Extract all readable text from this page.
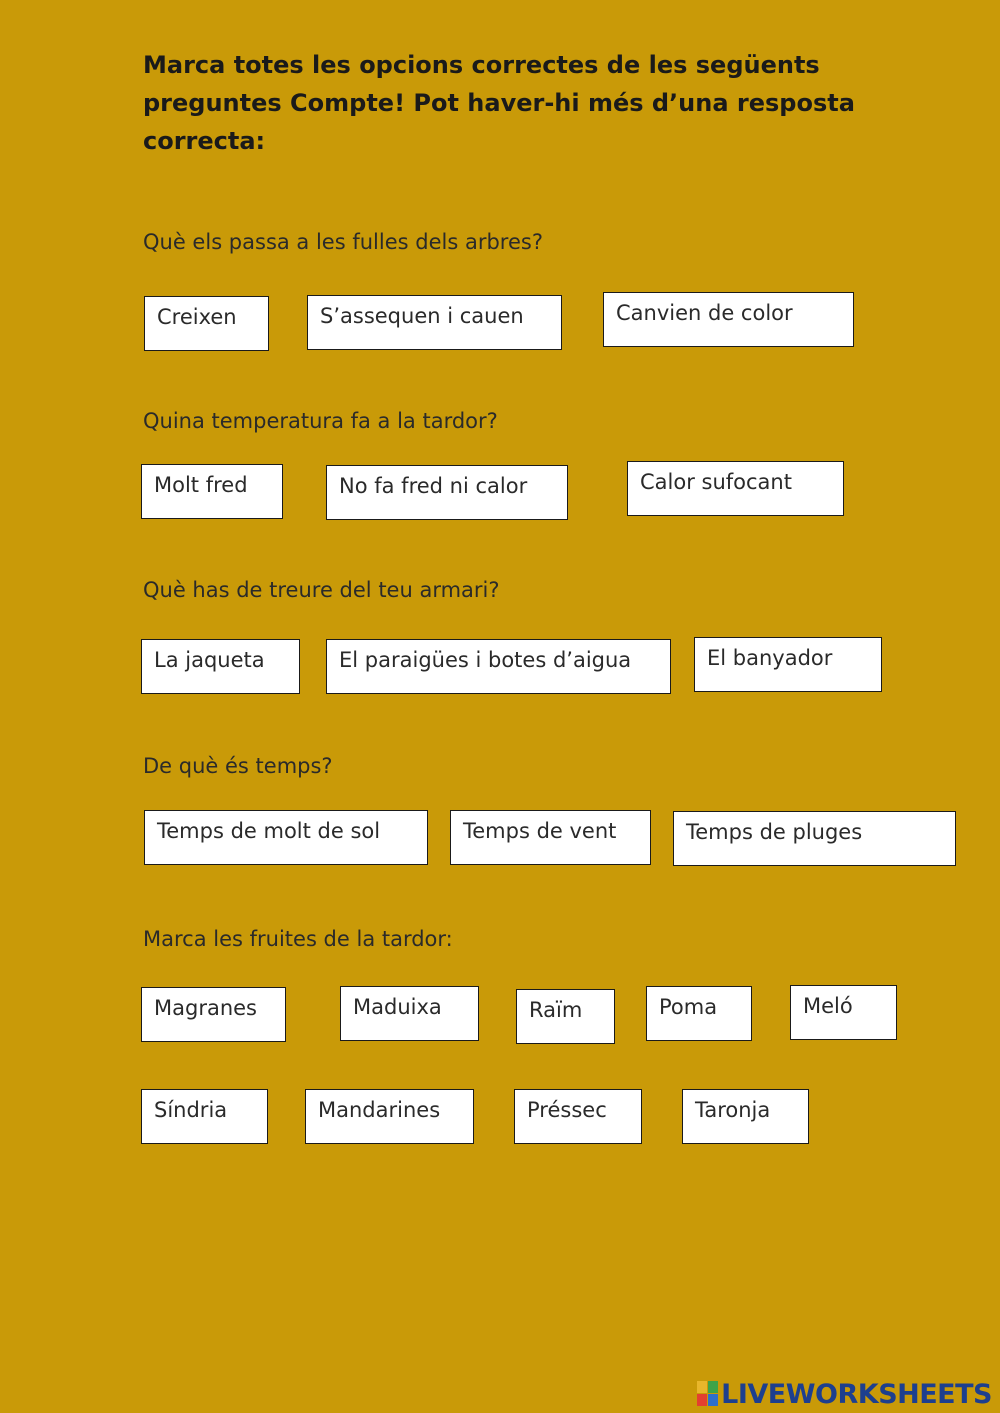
Marca totes les opcions correctes de les següents preguntes Compte! Pot haver-hi més d’una resposta correcta:
Què els passa a les fulles dels arbres?
Creixen	S’assequen i cauen	Canvien de color
Quina temperatura fa a la tardor?
Molt fred	No fa fred ni calor	Calor sufocant
Què has de treure del teu armari?
La jaqueta	El paraigües i botes d’aigua	El banyador
De què és temps?
Temps de molt de sol	Temps de vent	Temps de pluges
Marca les fruites de la tardor:
Magranes	Maduixa	Raïm	Poma	Meló
Síndria	Mandarines	Préssec	Taronja
LIVEWORKSHEETS
